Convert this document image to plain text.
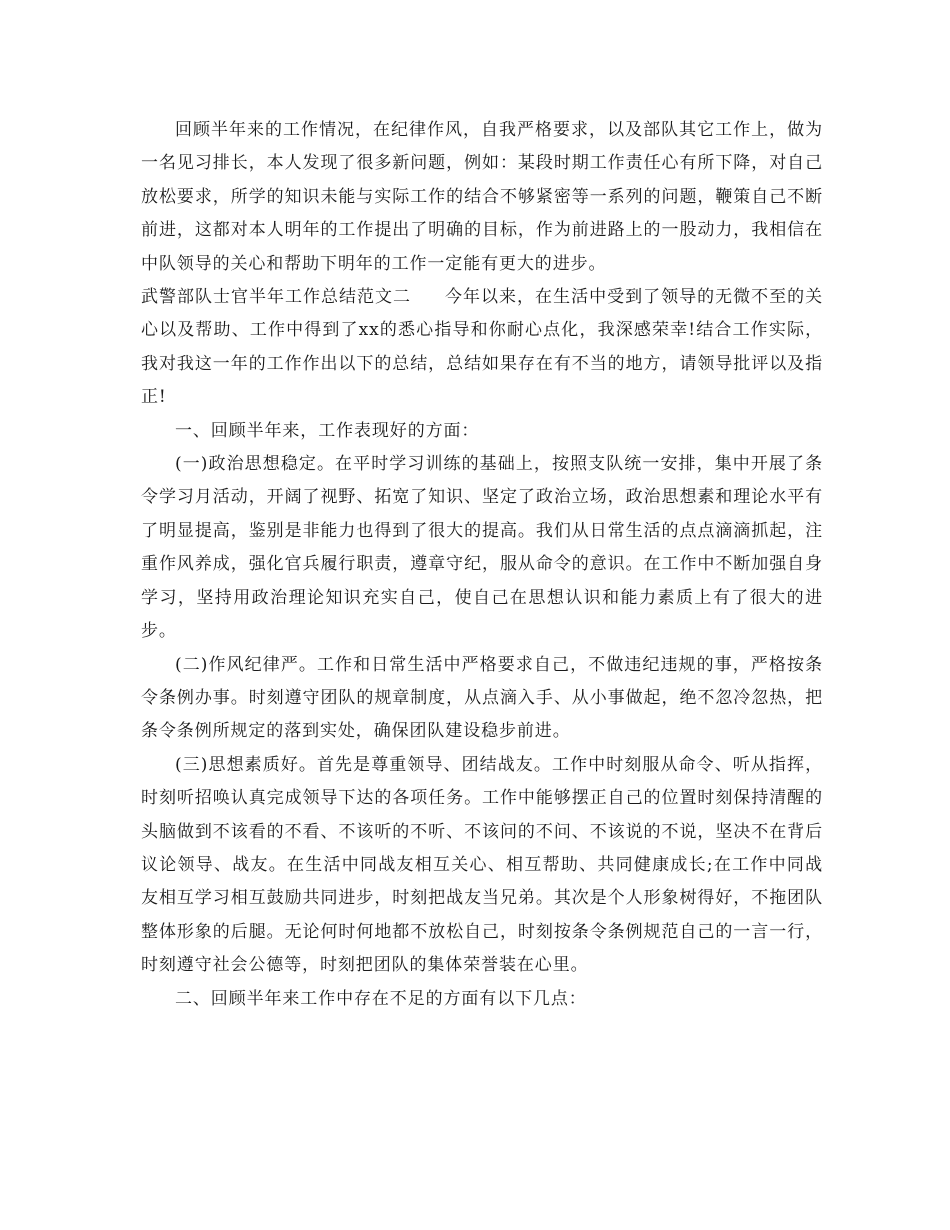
回顾半年来的工作情况，在纪律作风，自我严格要求，以及部队其它工作上，做为一名见习排长，本人发现了很多新问题，例如：某段时期工作责任心有所下降，对自己放松要求，所学的知识未能与实际工作的结合不够紧密等一系列的问题，鞭策自己不断前进，这都对本人明年的工作提出了明确的目标，作为前进路上的一股动力，我相信在中队领导的关心和帮助下明年的工作一定能有更大的进步。

武警部队士官半年工作总结范文二 今年以来，在生活中受到了领导的无微不至的关心以及帮助、工作中得到了xx的悉心指导和你耐心点化，我深感荣幸!结合工作实际，我对我这一年的工作作出以下的总结，总结如果存在有不当的地方，请领导批评以及指正!

一、回顾半年来，工作表现好的方面：

(一)政治思想稳定。在平时学习训练的基础上，按照支队统一安排，集中开展了条令学习月活动，开阔了视野、拓宽了知识、坚定了政治立场，政治思想素和理论水平有了明显提高，鉴别是非能力也得到了很大的提高。我们从日常生活的点点滴滴抓起，注重作风养成，强化官兵履行职责，遵章守纪，服从命令的意识。在工作中不断加强自身学习，坚持用政治理论知识充实自己，使自己在思想认识和能力素质上有了很大的进步。

(二)作风纪律严。工作和日常生活中严格要求自己，不做违纪违规的事，严格按条令条例办事。时刻遵守团队的规章制度，从点滴入手、从小事做起，绝不忽冷忽热，把条令条例所规定的落到实处，确保团队建设稳步前进。

(三)思想素质好。首先是尊重领导、团结战友。工作中时刻服从命令、听从指挥，时刻听招唤认真完成领导下达的各项任务。工作中能够摆正自己的位置时刻保持清醒的头脑做到不该看的不看、不该听的不听、不该问的不问、不该说的不说，坚决不在背后议论领导、战友。在生活中同战友相互关心、相互帮助、共同健康成长;在工作中同战友相互学习相互鼓励共同进步，时刻把战友当兄弟。其次是个人形象树得好，不拖团队整体形象的后腿。无论何时何地都不放松自己，时刻按条令条例规范自己的一言一行，时刻遵守社会公德等，时刻把团队的集体荣誉装在心里。

二、回顾半年来工作中存在不足的方面有以下几点：
